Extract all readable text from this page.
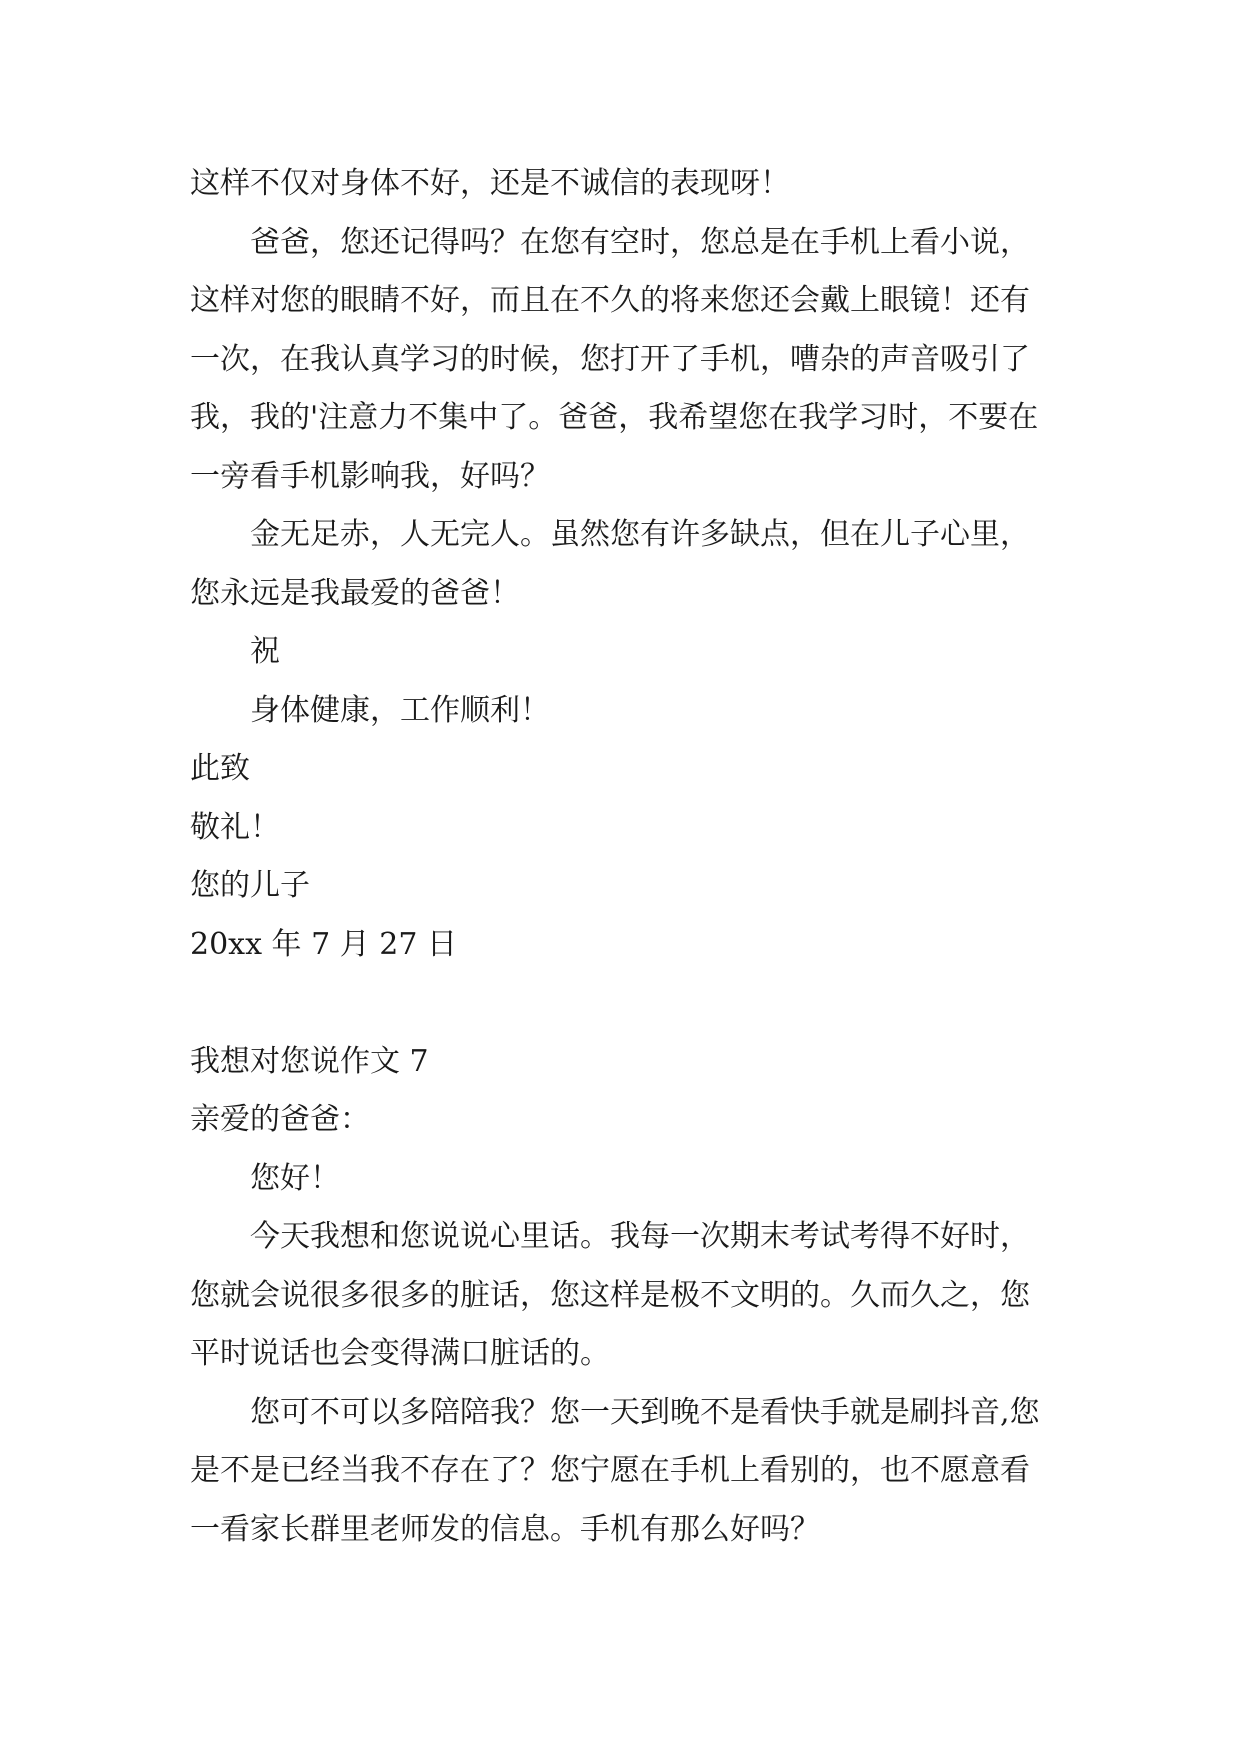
这样不仅对身体不好，还是不诚信的表现呀！

爸爸，您还记得吗？在您有空时，您总是在手机上看小说，这样对您的眼睛不好，而且在不久的将来您还会戴上眼镜！还有一次，在我认真学习的时候，您打开了手机，嘈杂的声音吸引了我，我的'注意力不集中了。爸爸，我希望您在我学习时，不要在一旁看手机影响我，好吗？

金无足赤，人无完人。虽然您有许多缺点，但在儿子心里，您永远是我最爱的爸爸！

祝

身体健康，工作顺利！

此致

敬礼！

您的儿子

20xx 年 7 月 27 日

我想对您说作文 7

亲爱的爸爸：

您好！

今天我想和您说说心里话。我每一次期末考试考得不好时，您就会说很多很多的脏话，您这样是极不文明的。久而久之，您平时说话也会变得满口脏话的。

您可不可以多陪陪我？您一天到晚不是看快手就是刷抖音,您是不是已经当我不存在了？您宁愿在手机上看别的，也不愿意看一看家长群里老师发的信息。手机有那么好吗？
